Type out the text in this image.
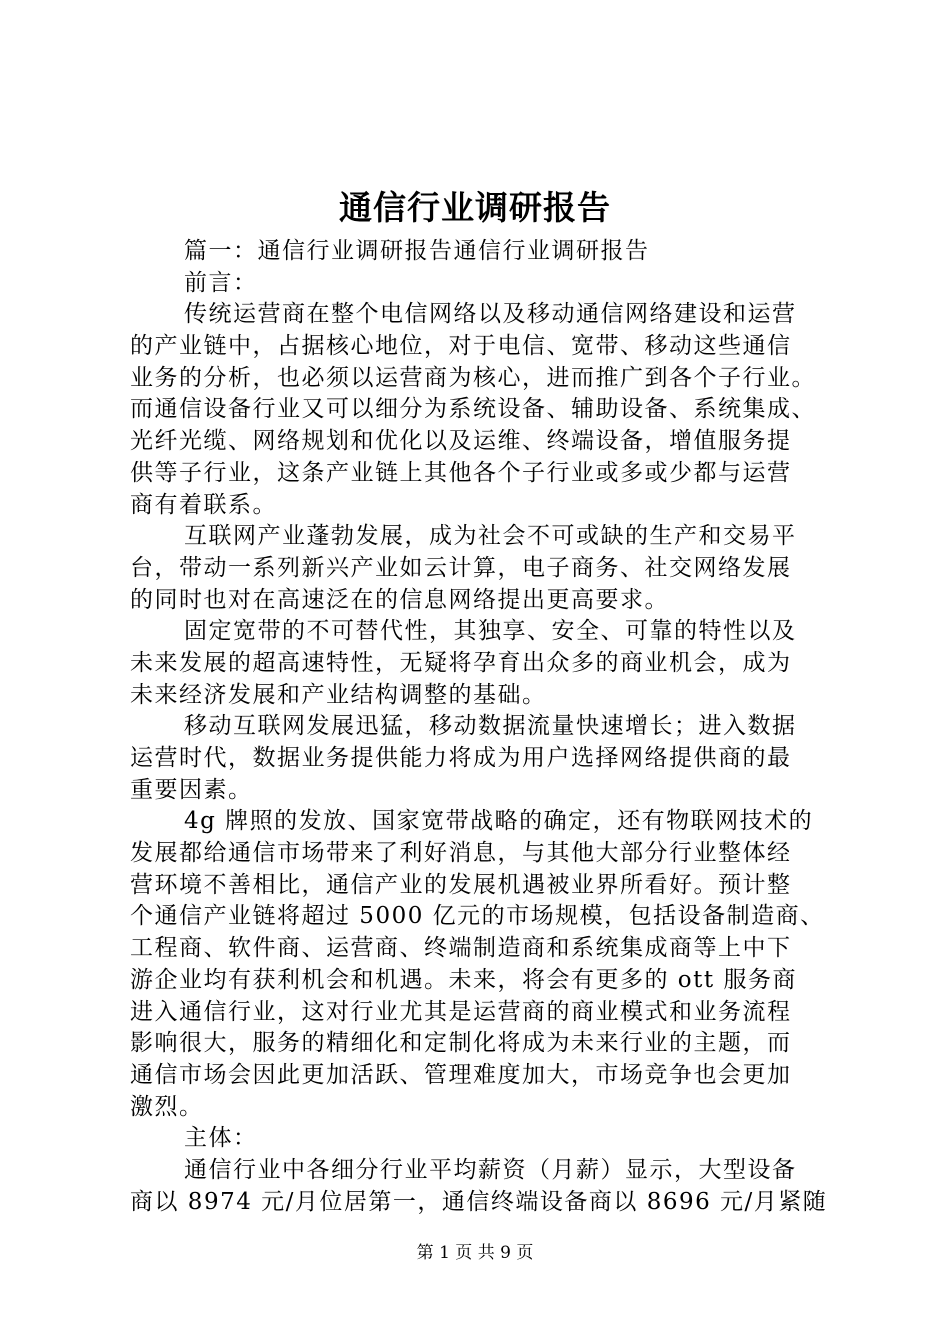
通信行业调研报告
篇一：通信行业调研报告通信行业调研报告
前言：
传统运营商在整个电信网络以及移动通信网络建设和运营
的产业链中，占据核心地位，对于电信、宽带、移动这些通信
业务的分析，也必须以运营商为核心，进而推广到各个子行业。
而通信设备行业又可以细分为系统设备、辅助设备、系统集成、
光纤光缆、网络规划和优化以及运维、终端设备，增值服务提
供等子行业，这条产业链上其他各个子行业或多或少都与运营
商有着联系。
互联网产业蓬勃发展，成为社会不可或缺的生产和交易平
台，带动一系列新兴产业如云计算，电子商务、社交网络发展
的同时也对在高速泛在的信息网络提出更高要求。
固定宽带的不可替代性，其独享、安全、可靠的特性以及
未来发展的超高速特性，无疑将孕育出众多的商业机会，成为
未来经济发展和产业结构调整的基础。
移动互联网发展迅猛，移动数据流量快速增长；进入数据
运营时代，数据业务提供能力将成为用户选择网络提供商的最
重要因素。
4g 牌照的发放、国家宽带战略的确定，还有物联网技术的
发展都给通信市场带来了利好消息，与其他大部分行业整体经
营环境不善相比，通信产业的发展机遇被业界所看好。预计整
个通信产业链将超过 5000 亿元的市场规模，包括设备制造商、
工程商、软件商、运营商、终端制造商和系统集成商等上中下
游企业均有获利机会和机遇。未来，将会有更多的 ott 服务商
进入通信行业，这对行业尤其是运营商的商业模式和业务流程
影响很大，服务的精细化和定制化将成为未来行业的主题，而
通信市场会因此更加活跃、管理难度加大，市场竞争也会更加
激烈。
主体：
通信行业中各细分行业平均薪资（月薪）显示，大型设备
商以 8974 元/月位居第一，通信终端设备商以 8696 元/月紧随
第 1 页 共 9 页
